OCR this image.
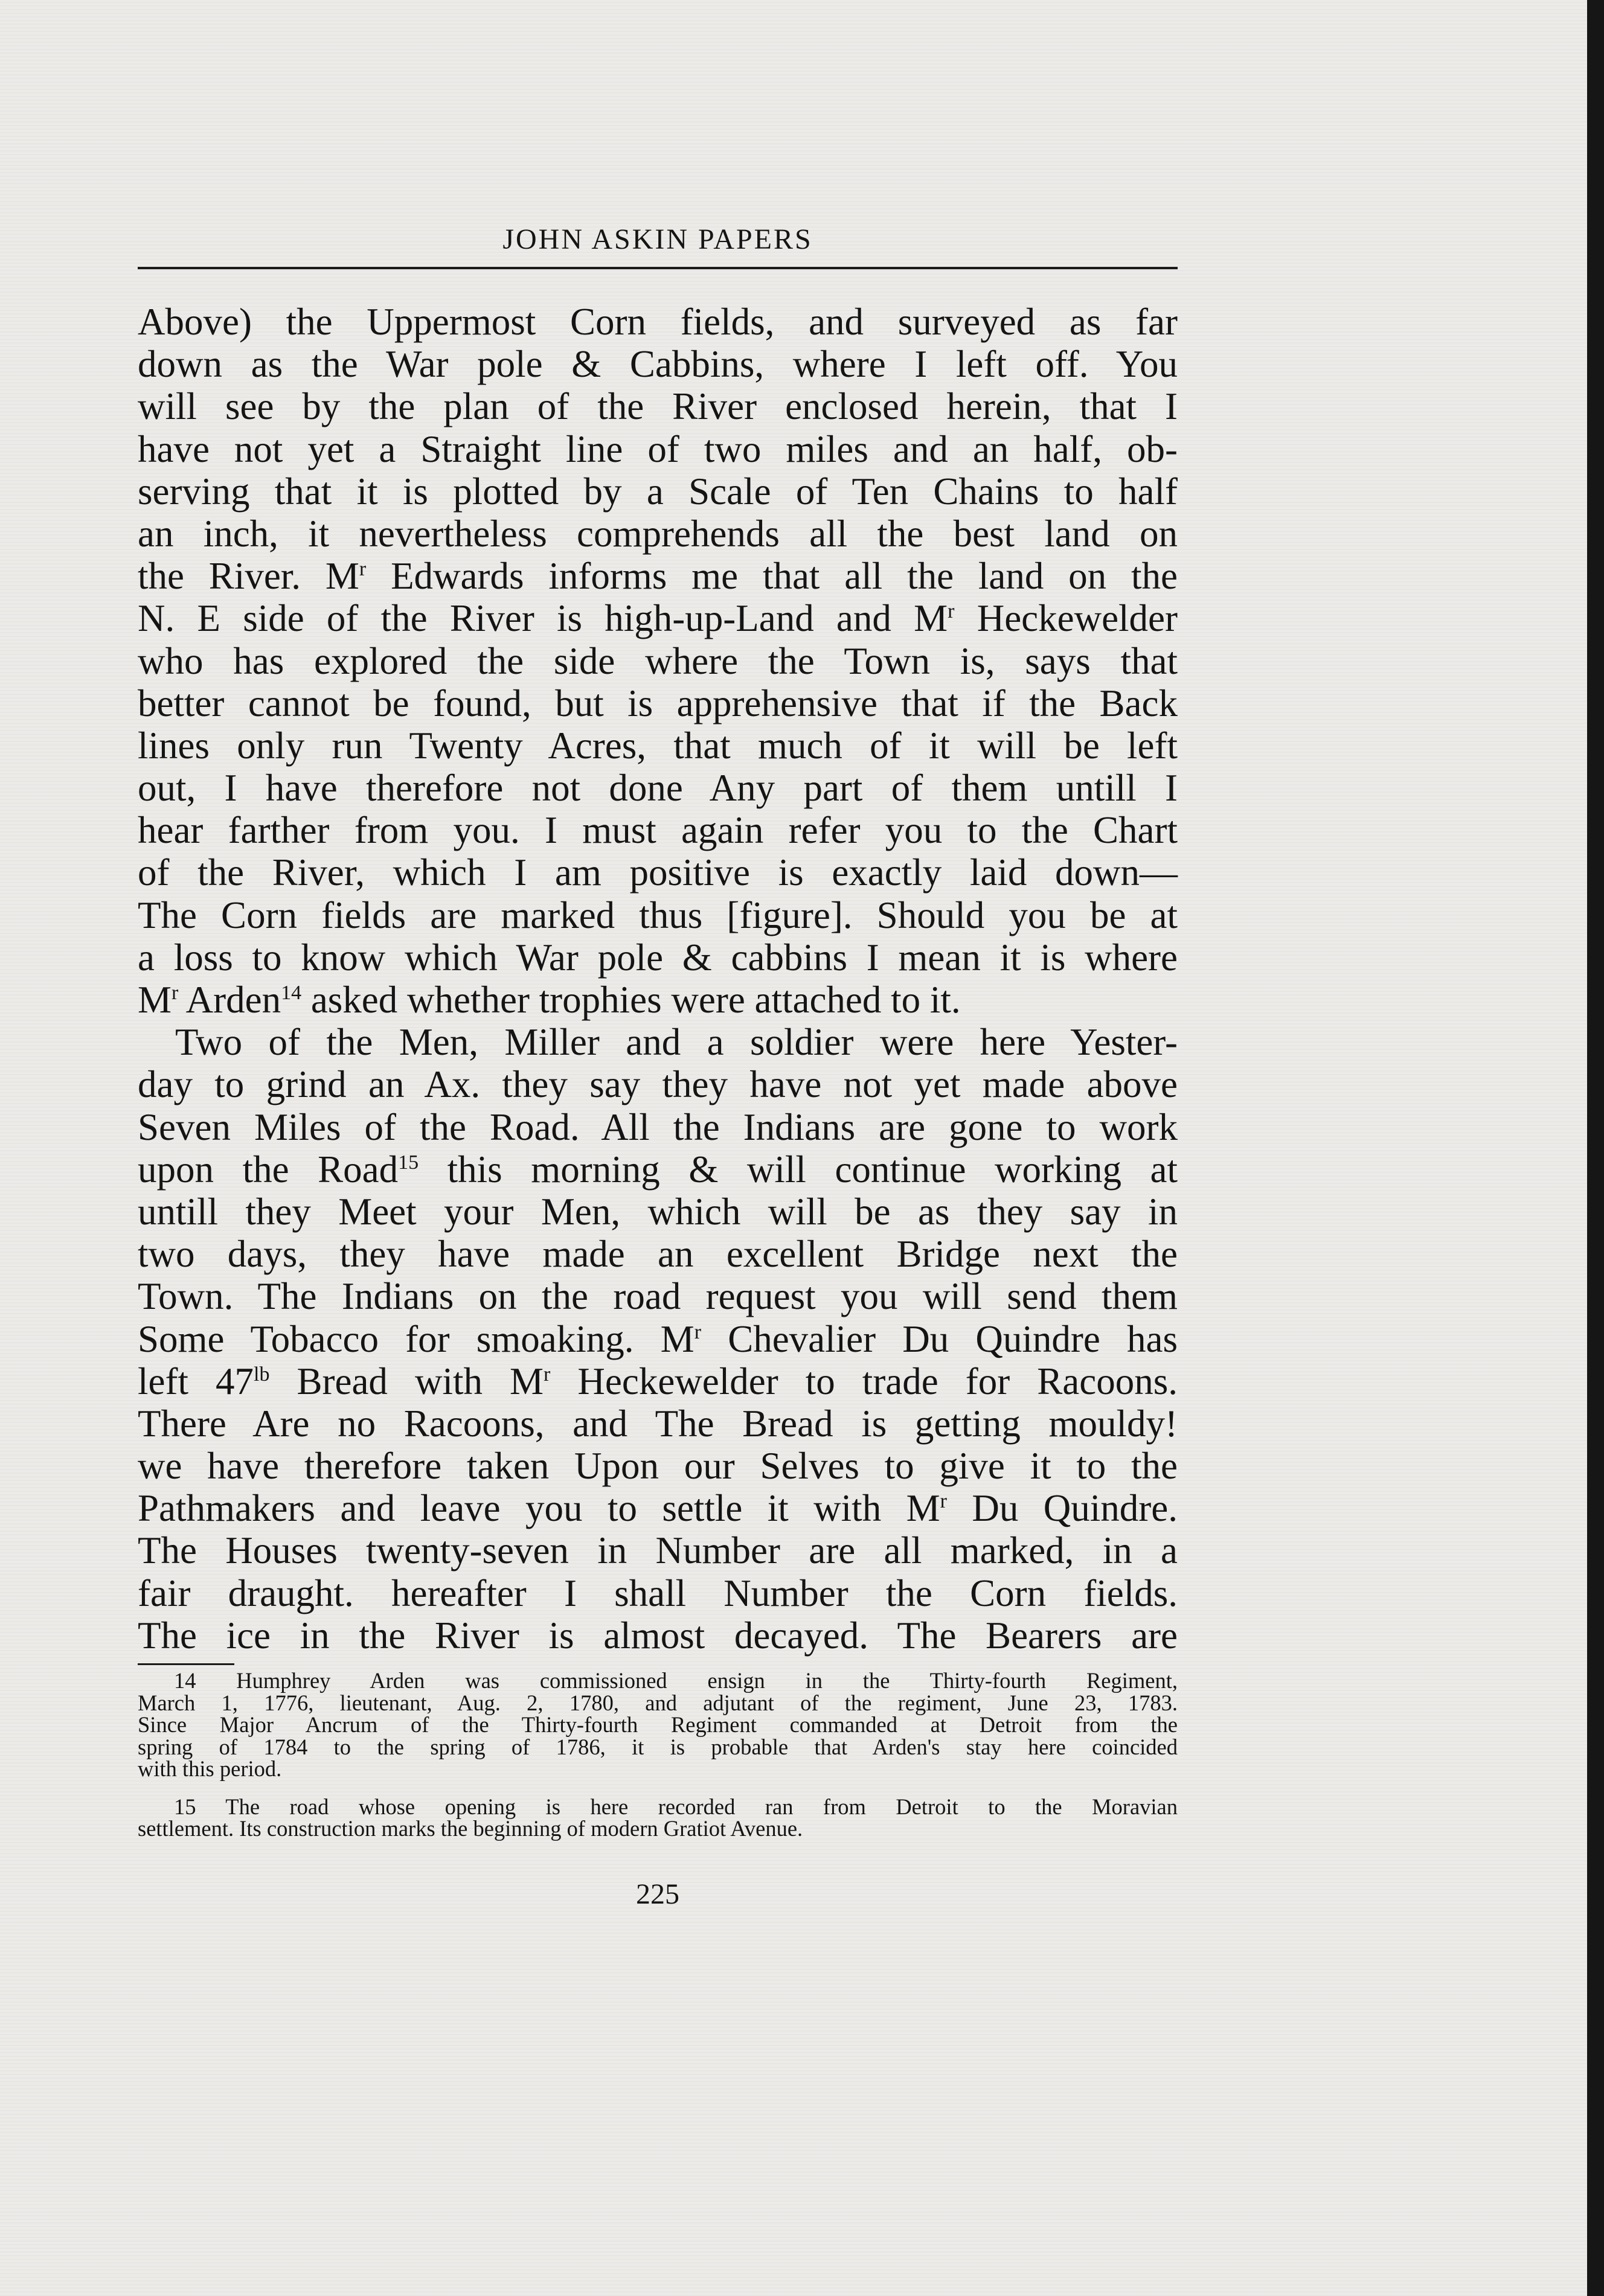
JOHN ASKIN PAPERS
Above) the Uppermost Corn fields, and surveyed as far
down as the War pole & Cabbins, where I left off. You
will see by the plan of the River enclosed herein, that I
have not yet a Straight line of two miles and an half, ob-
serving that it is plotted by a Scale of Ten Chains to half
an inch, it nevertheless comprehends all the best land on
the River. $M^r$ Edwards informs me that all the land on the
N. E side of the River is high-up-Land and $M^r$ Heckewelder
who has explored the side where the Town is, says that
better cannot be found, but is apprehensive that if the Back
lines only run Twenty Acres, that much of it will be left
out, I have therefore not done Any part of them untill I
hear farther from you. I must again refer you to the Chart
of the River, which I am positive is exactly laid down—
The Corn fields are marked thus [figure]. Should you be at
a loss to know which War pole & cabbins I mean it is where
$M^r$ Arden$^{14}$ asked whether trophies were attached to it.
Two of the Men, Miller and a soldier were here Yester-
day to grind an Ax. they say they have not yet made above
Seven Miles of the Road. All the Indians are gone to work
upon the Road$^{15}$ this morning & will continue working at
untill they Meet your Men, which will be as they say in
two days, they have made an excellent Bridge next the
Town. The Indians on the road request you will send them
Some Tobacco for smoaking. $M^r$ Chevalier Du Quindre has
left $47^{lb}$ Bread with $M^r$ Heckewelder to trade for Racoons.
There Are no Racoons, and The Bread is getting mouldy!
we have therefore taken Upon our Selves to give it to the
Pathmakers and leave you to settle it with $M^r$ Du Quindre.
The Houses twenty-seven in Number are all marked, in a
fair draught. hereafter I shall Number the Corn fields.
The ice in the River is almost decayed. The Bearers are
14 Humphrey Arden was commissioned ensign in the Thirty-fourth Regiment,
March 1, 1776, lieutenant, Aug. 2, 1780, and adjutant of the regiment, June 23, 1783.
Since Major Ancrum of the Thirty-fourth Regiment commanded at Detroit from the
spring of 1784 to the spring of 1786, it is probable that Arden's stay here coincided
with this period.
15 The road whose opening is here recorded ran from Detroit to the Moravian
settlement. Its construction marks the beginning of modern Gratiot Avenue.
225
